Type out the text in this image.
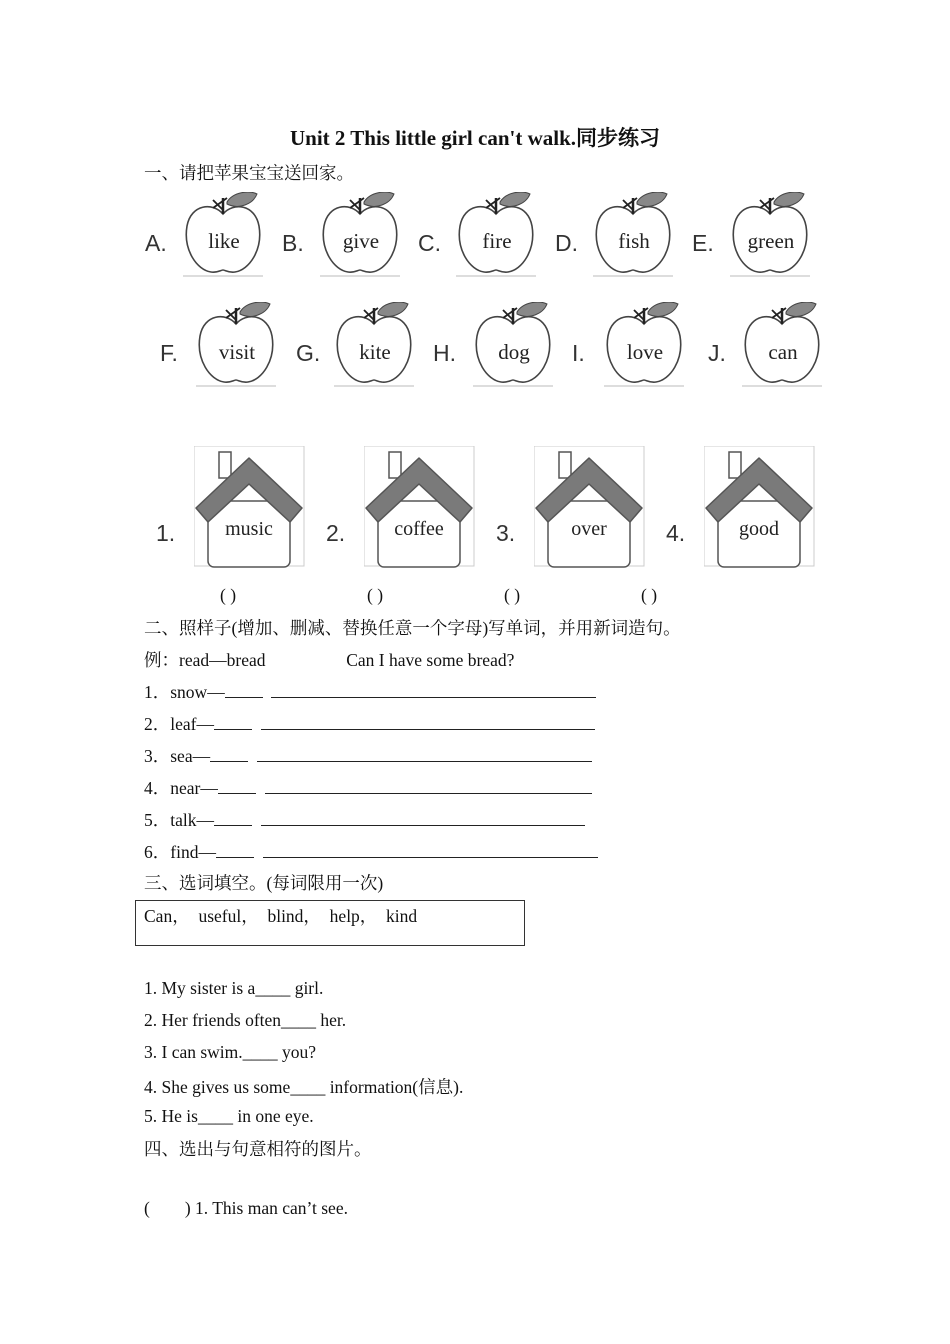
Unit 2 This little girl can't walk.同步练习
一、请把苹果宝宝送回家。
A.	like	B.	give	C.	fire	D.	fish	E.	green
F.	visit	G.	kite	H.	dog	I.	love	J.	can
1.	music	2.	coffee	3.	over	4.	good
( )	( )	( )	( )
二、照样子(增加、删减、替换任意一个字母)写单词，并用新词造句。
例：read—bread	Can I have some bread?
1．snow—
2．leaf—
3．sea—
4．near—
5．talk—
6．find—
三、选词填空。(每词限用一次)
Can，  useful，  blind，  help，  kind
1. My sister is a____ girl.
2. Her friends often____ her.
3. I can swim.____ you?
4. She gives us some____ information(信息).
5. He is____ in one eye.
四、选出与句意相符的图片。
(        ) 1. This man can’t see.
